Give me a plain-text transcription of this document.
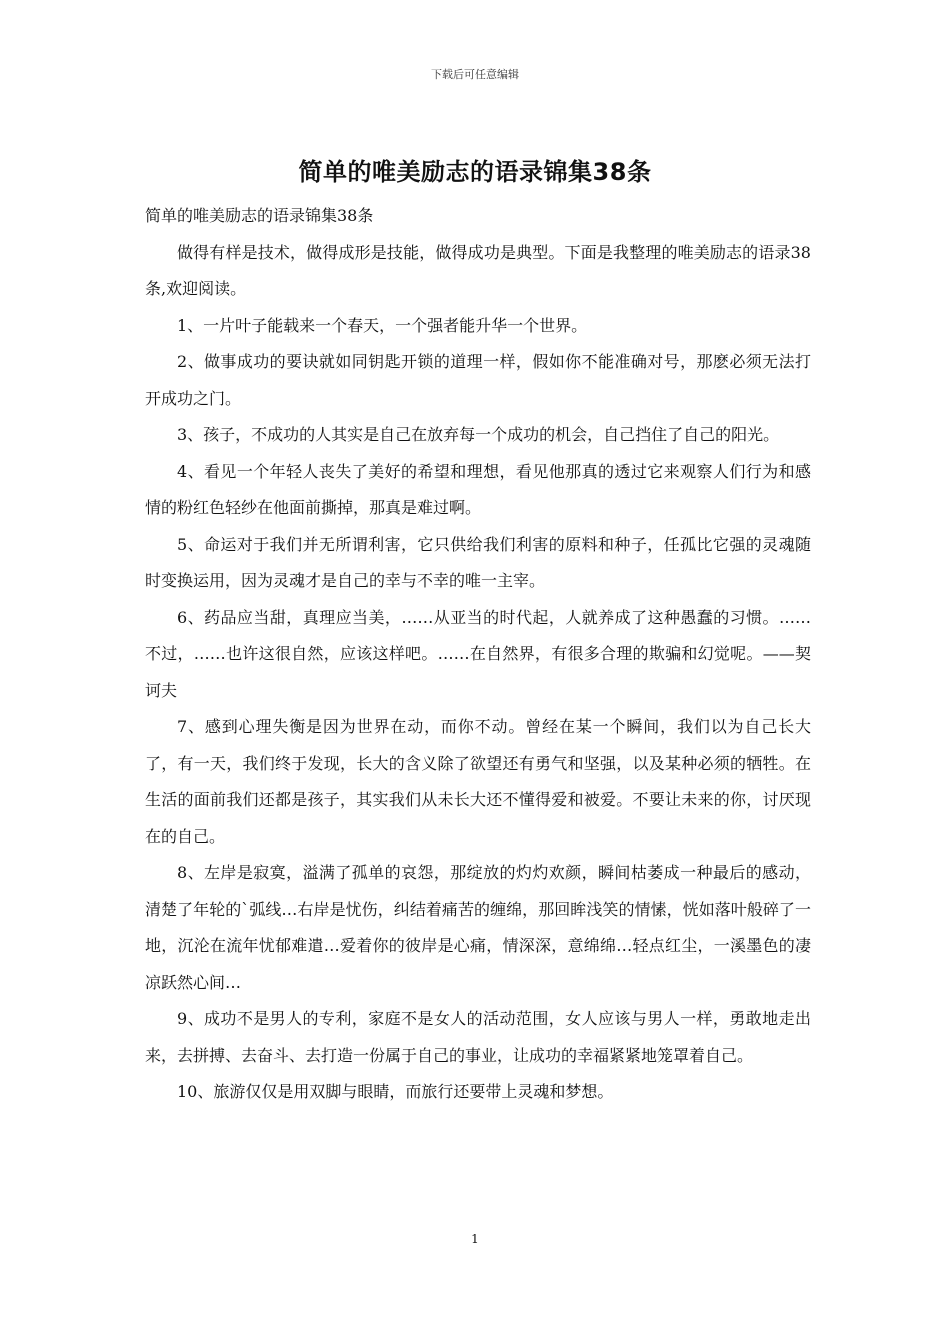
下载后可任意编辑
简单的唯美励志的语录锦集38条

简单的唯美励志的语录锦集38条

做得有样是技术，做得成形是技能，做得成功是典型。下面是我整理的唯美励志的语录38条,欢迎阅读。

1、一片叶子能载来一个春天，一个强者能升华一个世界。

2、做事成功的要诀就如同钥匙开锁的道理一样，假如你不能准确对号，那麽必须无法打开成功之门。

3、孩子，不成功的人其实是自己在放弃每一个成功的机会，自己挡住了自己的阳光。

4、看见一个年轻人丧失了美好的希望和理想，看见他那真的透过它来观察人们行为和感情的粉红色轻纱在他面前撕掉，那真是难过啊。

5、命运对于我们并无所谓利害，它只供给我们利害的原料和种子，任孤比它强的灵魂随时变换运用，因为灵魂才是自己的幸与不幸的唯一主宰。

6、药品应当甜，真理应当美，……从亚当的时代起，人就养成了这种愚蠢的习惯。……不过，……也许这很自然，应该这样吧。……在自然界，有很多合理的欺骗和幻觉呢。——契诃夫

7、感到心理失衡是因为世界在动，而你不动。曾经在某一个瞬间，我们以为自己长大了，有一天，我们终于发现，长大的含义除了欲望还有勇气和坚强，以及某种必须的牺牲。在生活的面前我们还都是孩子，其实我们从未长大还不懂得爱和被爱。不要让未来的你，讨厌现在的自己。

8、左岸是寂寞，溢满了孤单的哀怨，那绽放的灼灼欢颜，瞬间枯萎成一种最后的感动，清楚了年轮的`弧线…右岸是忧伤，纠结着痛苦的缠绵，那回眸浅笑的情愫，恍如落叶般碎了一地，沉沦在流年忧郁难遣…爱着你的彼岸是心痛，情深深，意绵绵…轻点红尘，一溪墨色的凄凉跃然心间…

9、成功不是男人的专利，家庭不是女人的活动范围，女人应该与男人一样，勇敢地走出来，去拼搏、去奋斗、去打造一份属于自己的事业，让成功的幸福紧紧地笼罩着自己。

10、旅游仅仅是用双脚与眼睛，而旅行还要带上灵魂和梦想。

1
